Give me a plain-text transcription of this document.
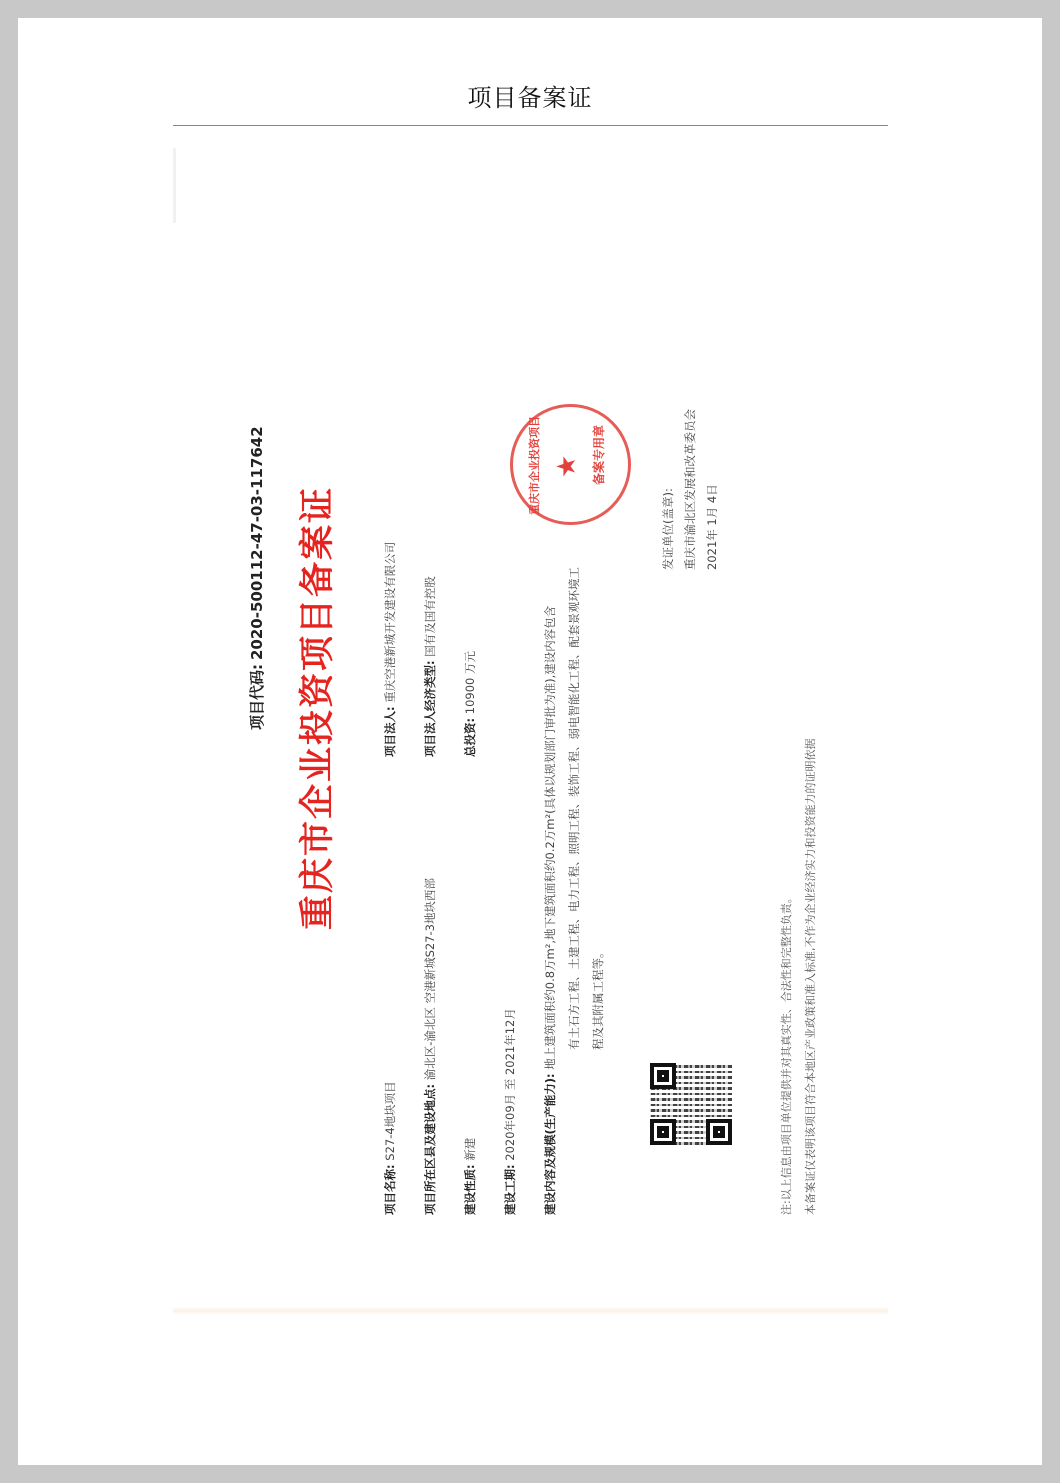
项目备案证
项目代码:2020-500112-47-03-117642 重庆市企业投资项目备案证
项目名称: S27-4地块项目
项目法人: 重庆空港新城开发建设有限公司
项目所在区县及建设地点: 渝北区-渝北区 空港新城S27-3地块西部
项目法人经济类型: 国有及国有控股
建设性质: 新建
总投资: 10900 万元
建设工期: 2020年09月 至 2021年12月 建设内容及规模(生产能力): 地上建筑面积约0.8万m²,地下建筑面积约0.2万m²(具体以规划部门审批为准),建设内容包含 有土石方工程、土建工程、电力工程、照明工程、装饰工程、弱电智能化工程、配套景观环境工 程及其附属工程等。
发证单位(盖章): 重庆市渝北区发展和改革委员会 2021年 1月 4日
重庆市企业投资项目 ★ 备案专用章
注:以上信息由项目单位提供并对其真实性、合法性和完整性负责。 本备案证仅表明该项目符合本地区产业政策和准入标准,不作为企业经济实力和投资能力的证明依据
